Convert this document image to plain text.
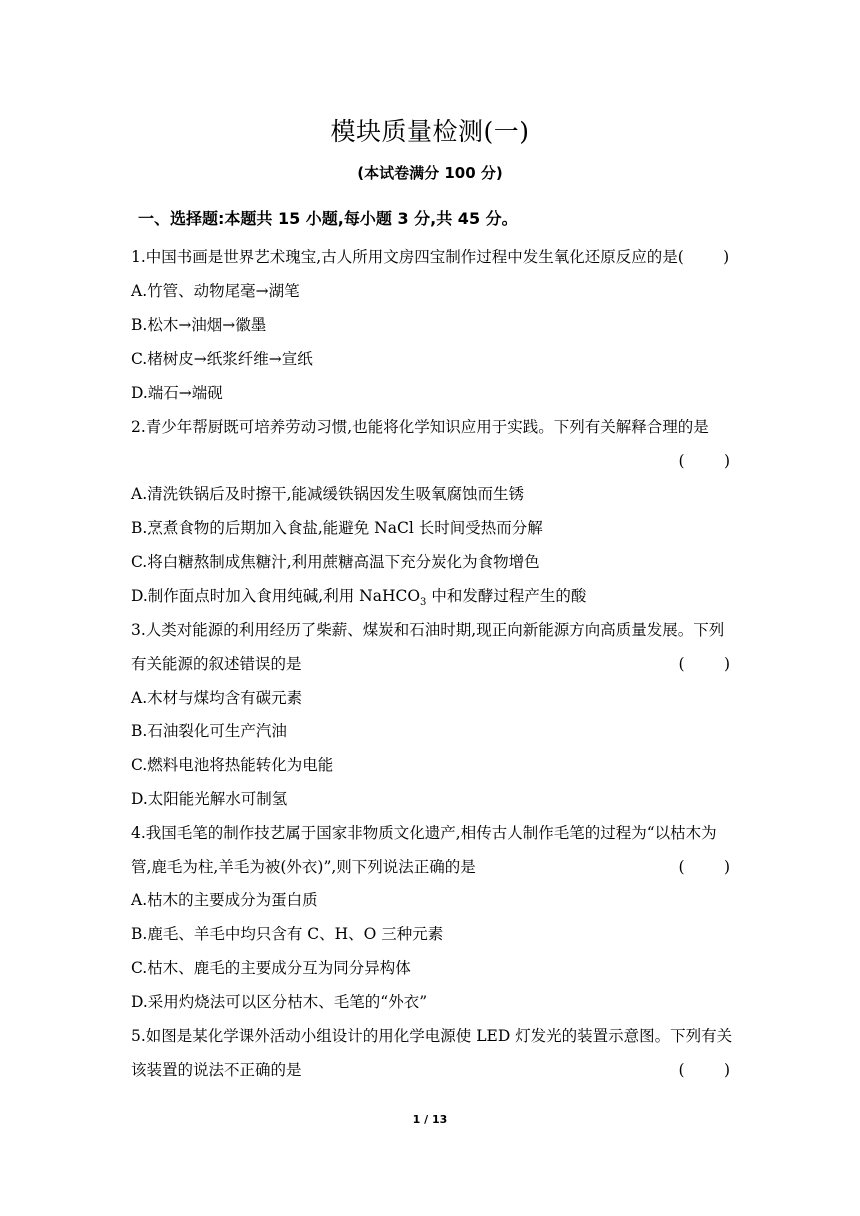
模块质量检测(一)
(本试卷满分 100 分)
一、选择题:本题共 15 小题,每小题 3 分,共 45 分。
1.中国书画是世界艺术瑰宝,古人所用文房四宝制作过程中发生氧化还原反应的是(        )
A.竹管、动物尾毫→湖笔
B.松木→油烟→徽墨
C.楮树皮→纸浆纤维→宣纸
D.端石→端砚
2.青少年帮厨既可培养劳动习惯,也能将化学知识应用于实践。下列有关解释合理的是
(        )
A.清洗铁锅后及时擦干,能减缓铁锅因发生吸氧腐蚀而生锈
B.烹煮食物的后期加入食盐,能避免 NaCl 长时间受热而分解
C.将白糖熬制成焦糖汁,利用蔗糖高温下充分炭化为食物增色
D.制作面点时加入食用纯碱,利用 NaHCO$_3$ 中和发酵过程产生的酸
3.人类对能源的利用经历了柴薪、煤炭和石油时期,现正向新能源方向高质量发展。下列
有关能源的叙述错误的是	(        )
A.木材与煤均含有碳元素
B.石油裂化可生产汽油
C.燃料电池将热能转化为电能
D.太阳能光解水可制氢
4.我国毛笔的制作技艺属于国家非物质文化遗产,相传古人制作毛笔的过程为“以枯木为
管,鹿毛为柱,羊毛为被(外衣)”,则下列说法正确的是	(        )
A.枯木的主要成分为蛋白质
B.鹿毛、羊毛中均只含有 C、H、O 三种元素
C.枯木、鹿毛的主要成分互为同分异构体
D.采用灼烧法可以区分枯木、毛笔的“外衣”
5.如图是某化学课外活动小组设计的用化学电源使 LED 灯发光的装置示意图。下列有关
该装置的说法不正确的是	(        )
1 / 13
